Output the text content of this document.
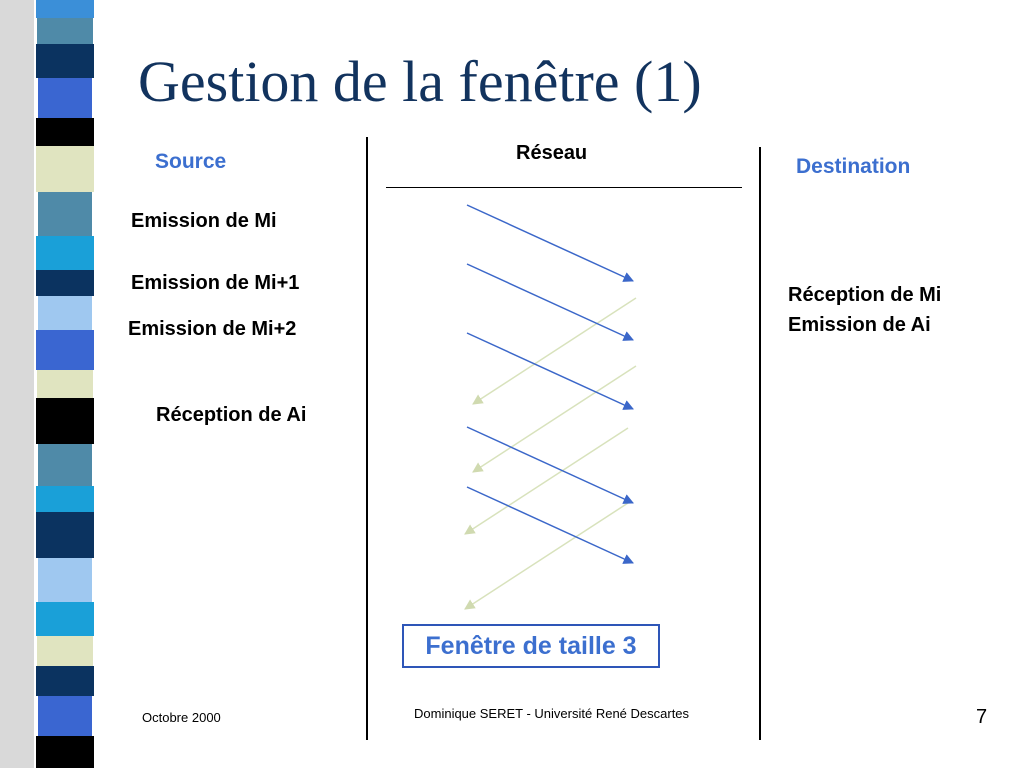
Gestion de la fenêtre (1)
Source	Réseau
Destination
Emission de Mi
Emission de Mi+1
Emission de Mi+2
Réception de Ai
Réception de Mi
Emission de Ai
Fenêtre de taille 3
Octobre 2000	Dominique SERET - Université René Descartes	7
